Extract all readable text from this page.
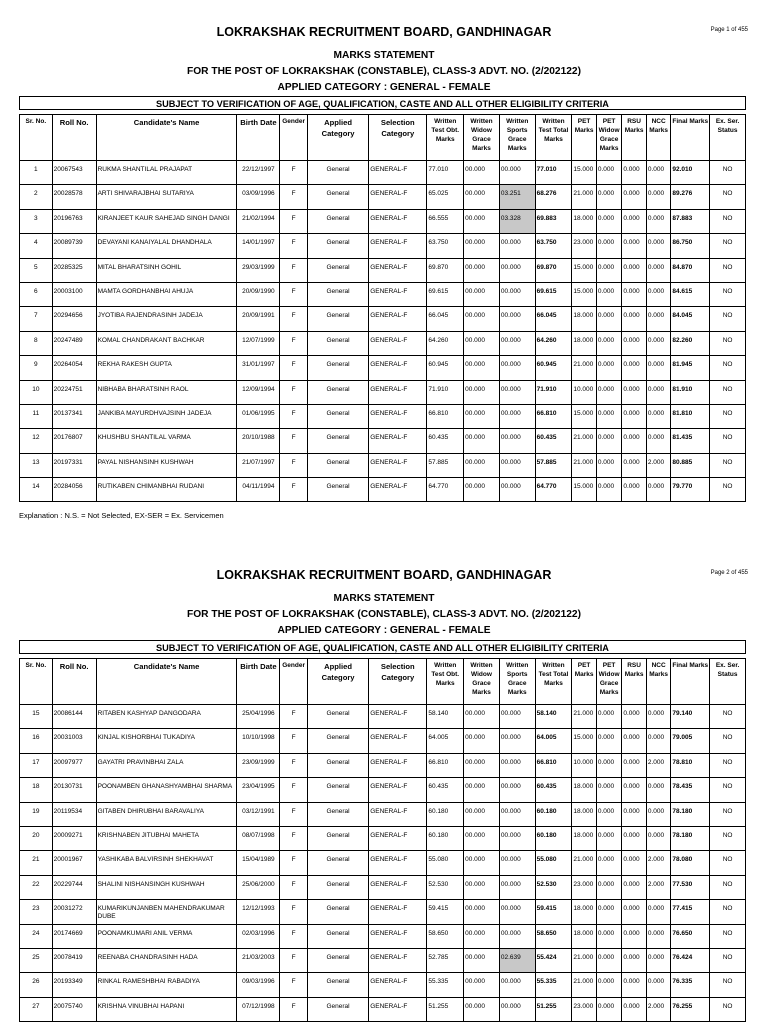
Page 1 of 455
LOKRAKSHAK RECRUITMENT BOARD, GANDHINAGAR
MARKS STATEMENT
FOR THE POST OF LOKRAKSHAK (CONSTABLE), CLASS-3 ADVT. NO. (2/202122)
APPLIED CATEGORY : GENERAL - FEMALE
SUBJECT TO VERIFICATION OF AGE, QUALIFICATION, CASTE AND ALL OTHER ELIGIBILITY CRITERIA
Sr. No.	Roll No.	Candidate's Name	Birth Date	Gender	Applied Category	Selection Category	Written Test Obt. Marks	Written Widow Grace Marks	Written Sports Grace Marks	Written Test Total Marks	PET Marks	PET Widow Grace Marks	RSU Marks	NCC Marks	Final Marks	Ex. Ser. Status
1	20067543	RUKMA SHANTILAL PRAJAPAT	22/12/1997	F	General	GENERAL-F	77.010	00.000	00.000	77.010	15.000	0.000	0.000	0.000	92.010	NO
2	20028578	ARTI SHIVARAJBHAI SUTARIYA	03/09/1996	F	General	GENERAL-F	65.025	00.000	03.251	68.276	21.000	0.000	0.000	0.000	89.276	NO
3	20196763	KIRANJEET KAUR SAHEJAD SINGH DANGI	21/02/1994	F	General	GENERAL-F	66.555	00.000	03.328	69.883	18.000	0.000	0.000	0.000	87.883	NO
4	20089739	DEVAYANI KANAIYALAL DHANDHALA	14/01/1997	F	General	GENERAL-F	63.750	00.000	00.000	63.750	23.000	0.000	0.000	0.000	86.750	NO
5	20285325	MITAL BHARATSINH GOHIL	29/03/1999	F	General	GENERAL-F	69.870	00.000	00.000	69.870	15.000	0.000	0.000	0.000	84.870	NO
6	20003100	MAMTA GORDHANBHAI AHUJA	20/09/1990	F	General	GENERAL-F	69.615	00.000	00.000	69.615	15.000	0.000	0.000	0.000	84.615	NO
7	20294656	JYOTIBA RAJENDRASINH JADEJA	20/09/1991	F	General	GENERAL-F	66.045	00.000	00.000	66.045	18.000	0.000	0.000	0.000	84.045	NO
8	20247489	KOMAL CHANDRAKANT BACHKAR	12/07/1999	F	General	GENERAL-F	64.260	00.000	00.000	64.260	18.000	0.000	0.000	0.000	82.260	NO
9	20264054	REKHA RAKESH GUPTA	31/01/1997	F	General	GENERAL-F	60.945	00.000	00.000	60.945	21.000	0.000	0.000	0.000	81.945	NO
10	20224751	NIBHABA BHARATSINH RAOL	12/09/1994	F	General	GENERAL-F	71.910	00.000	00.000	71.910	10.000	0.000	0.000	0.000	81.910	NO
11	20137341	JANKIBA MAYURDHVAJSINH JADEJA	01/06/1995	F	General	GENERAL-F	66.810	00.000	00.000	66.810	15.000	0.000	0.000	0.000	81.810	NO
12	20176807	KHUSHBU SHANTILAL VARMA	20/10/1988	F	General	GENERAL-F	60.435	00.000	00.000	60.435	21.000	0.000	0.000	0.000	81.435	NO
13	20197331	PAYAL NISHANSINH KUSHWAH	21/07/1997	F	General	GENERAL-F	57.885	00.000	00.000	57.885	21.000	0.000	0.000	2.000	80.885	NO
14	20284056	RUTIKABEN CHIMANBHAI RUDANI	04/11/1994	F	General	GENERAL-F	64.770	00.000	00.000	64.770	15.000	0.000	0.000	0.000	79.770	NO
Explanation : N.S. = Not Selected, EX-SER = Ex. Servicemen
Page 2 of 455
LOKRAKSHAK RECRUITMENT BOARD, GANDHINAGAR
MARKS STATEMENT
FOR THE POST OF LOKRAKSHAK (CONSTABLE), CLASS-3 ADVT. NO. (2/202122)
APPLIED CATEGORY : GENERAL - FEMALE
SUBJECT TO VERIFICATION OF AGE, QUALIFICATION, CASTE AND ALL OTHER ELIGIBILITY CRITERIA
Sr. No.	Roll No.	Candidate's Name	Birth Date	Gender	Applied Category	Selection Category	Written Test Obt. Marks	Written Widow Grace Marks	Written Sports Grace Marks	Written Test Total Marks	PET Marks	PET Widow Grace Marks	RSU Marks	NCC Marks	Final Marks	Ex. Ser. Status
15	20086144	RITABEN KASHYAP DANGODARA	25/04/1996	F	General	GENERAL-F	58.140	00.000	00.000	58.140	21.000	0.000	0.000	0.000	79.140	NO
16	20031003	KINJAL KISHORBHAI TUKADIYA	10/10/1998	F	General	GENERAL-F	64.005	00.000	00.000	64.005	15.000	0.000	0.000	0.000	79.005	NO
17	20097977	GAYATRI PRAVINBHAI ZALA	23/09/1999	F	General	GENERAL-F	66.810	00.000	00.000	66.810	10.000	0.000	0.000	2.000	78.810	NO
18	20130731	POONAMBEN GHANASHYAMBHAI SHARMA	23/04/1995	F	General	GENERAL-F	60.435	00.000	00.000	60.435	18.000	0.000	0.000	0.000	78.435	NO
19	20119534	GITABEN DHIRUBHAI BARAVALIYA	03/12/1991	F	General	GENERAL-F	60.180	00.000	00.000	60.180	18.000	0.000	0.000	0.000	78.180	NO
20	20009271	KRISHNABEN JITUBHAI MAHETA	08/07/1998	F	General	GENERAL-F	60.180	00.000	00.000	60.180	18.000	0.000	0.000	0.000	78.180	NO
21	20001967	YASHIKABA BALVIRSINH SHEKHAVAT	15/04/1989	F	General	GENERAL-F	55.080	00.000	00.000	55.080	21.000	0.000	0.000	2.000	78.080	NO
22	20229744	SHALINI NISHANSINGH KUSHWAH	25/06/2000	F	General	GENERAL-F	52.530	00.000	00.000	52.530	23.000	0.000	0.000	2.000	77.530	NO
23	20031272	KUMARIKUNJANBEN MAHENDRAKUMAR DUBE	12/12/1993	F	General	GENERAL-F	59.415	00.000	00.000	59.415	18.000	0.000	0.000	0.000	77.415	NO
24	20174669	POONAMKUMARI ANIL VERMA	02/03/1996	F	General	GENERAL-F	58.650	00.000	00.000	58.650	18.000	0.000	0.000	0.000	76.650	NO
25	20078419	REENABA CHANDRASINH HADA	21/03/2003	F	General	GENERAL-F	52.785	00.000	02.639	55.424	21.000	0.000	0.000	0.000	76.424	NO
26	20193349	RINKAL RAMESHBHAI RABADIYA	09/03/1996	F	General	GENERAL-F	55.335	00.000	00.000	55.335	21.000	0.000	0.000	0.000	76.335	NO
27	20075740	KRISHNA VINUBHAI HAPANI	07/12/1998	F	General	GENERAL-F	51.255	00.000	00.000	51.255	23.000	0.000	0.000	2.000	76.255	NO
